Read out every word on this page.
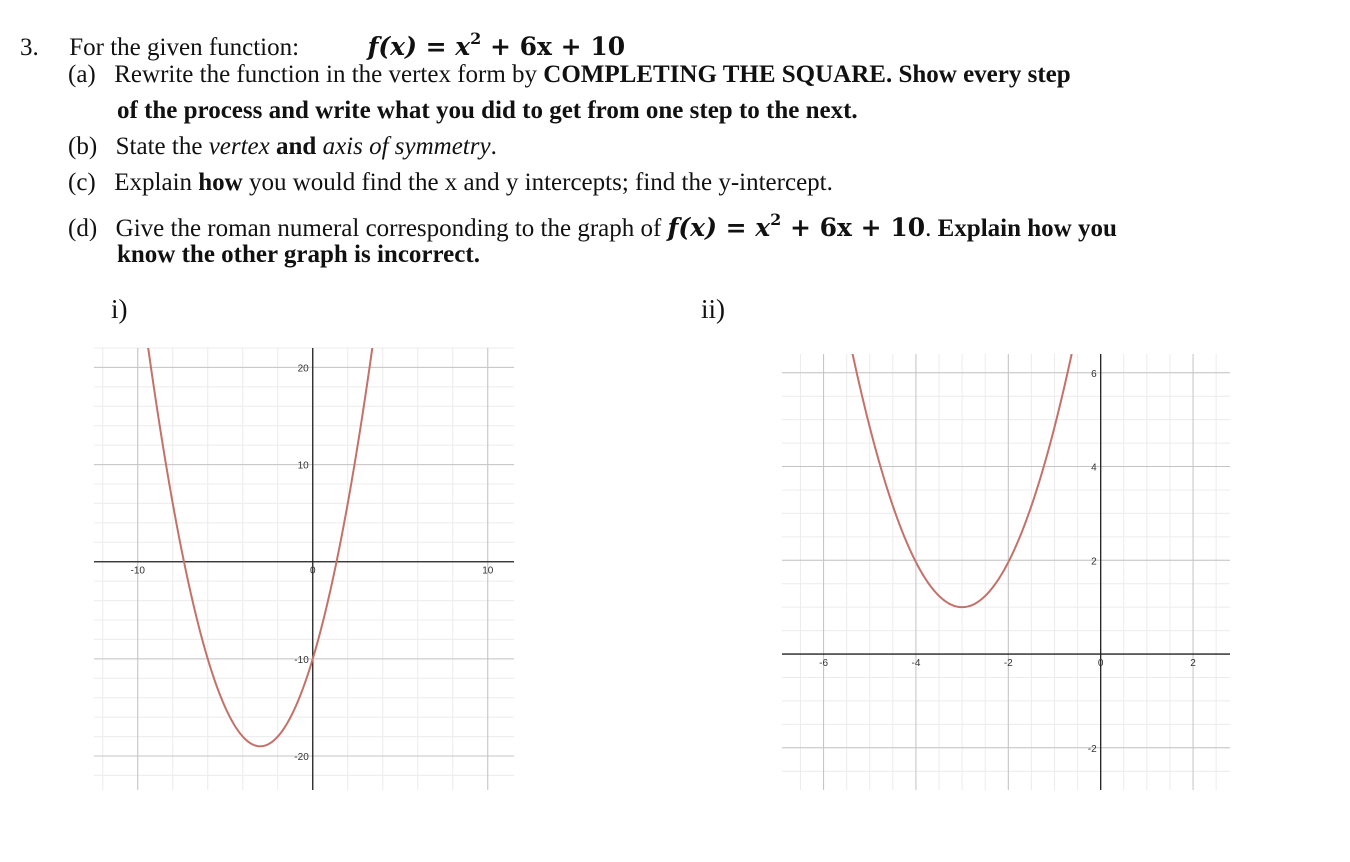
3. For the given function:	$f(x) = x^2 + 6x + 10$
(a) Rewrite the function in the vertex form by COMPLETING THE SQUARE. Show every step
of the process and write what you did to get from one step to the next.
(b) State the vertex and axis of symmetry.
(c) Explain how you would find the x and y intercepts; find the y-intercept.
(d) Give the roman numeral corresponding to the graph of $f(x) = x^2 + 6x + 10$. Explain how you
know the other graph is incorrect.
i)	ii)
-10	0	10
20
10
-10
-20
-6	-4	-2	0	2
6
4
2
-2
